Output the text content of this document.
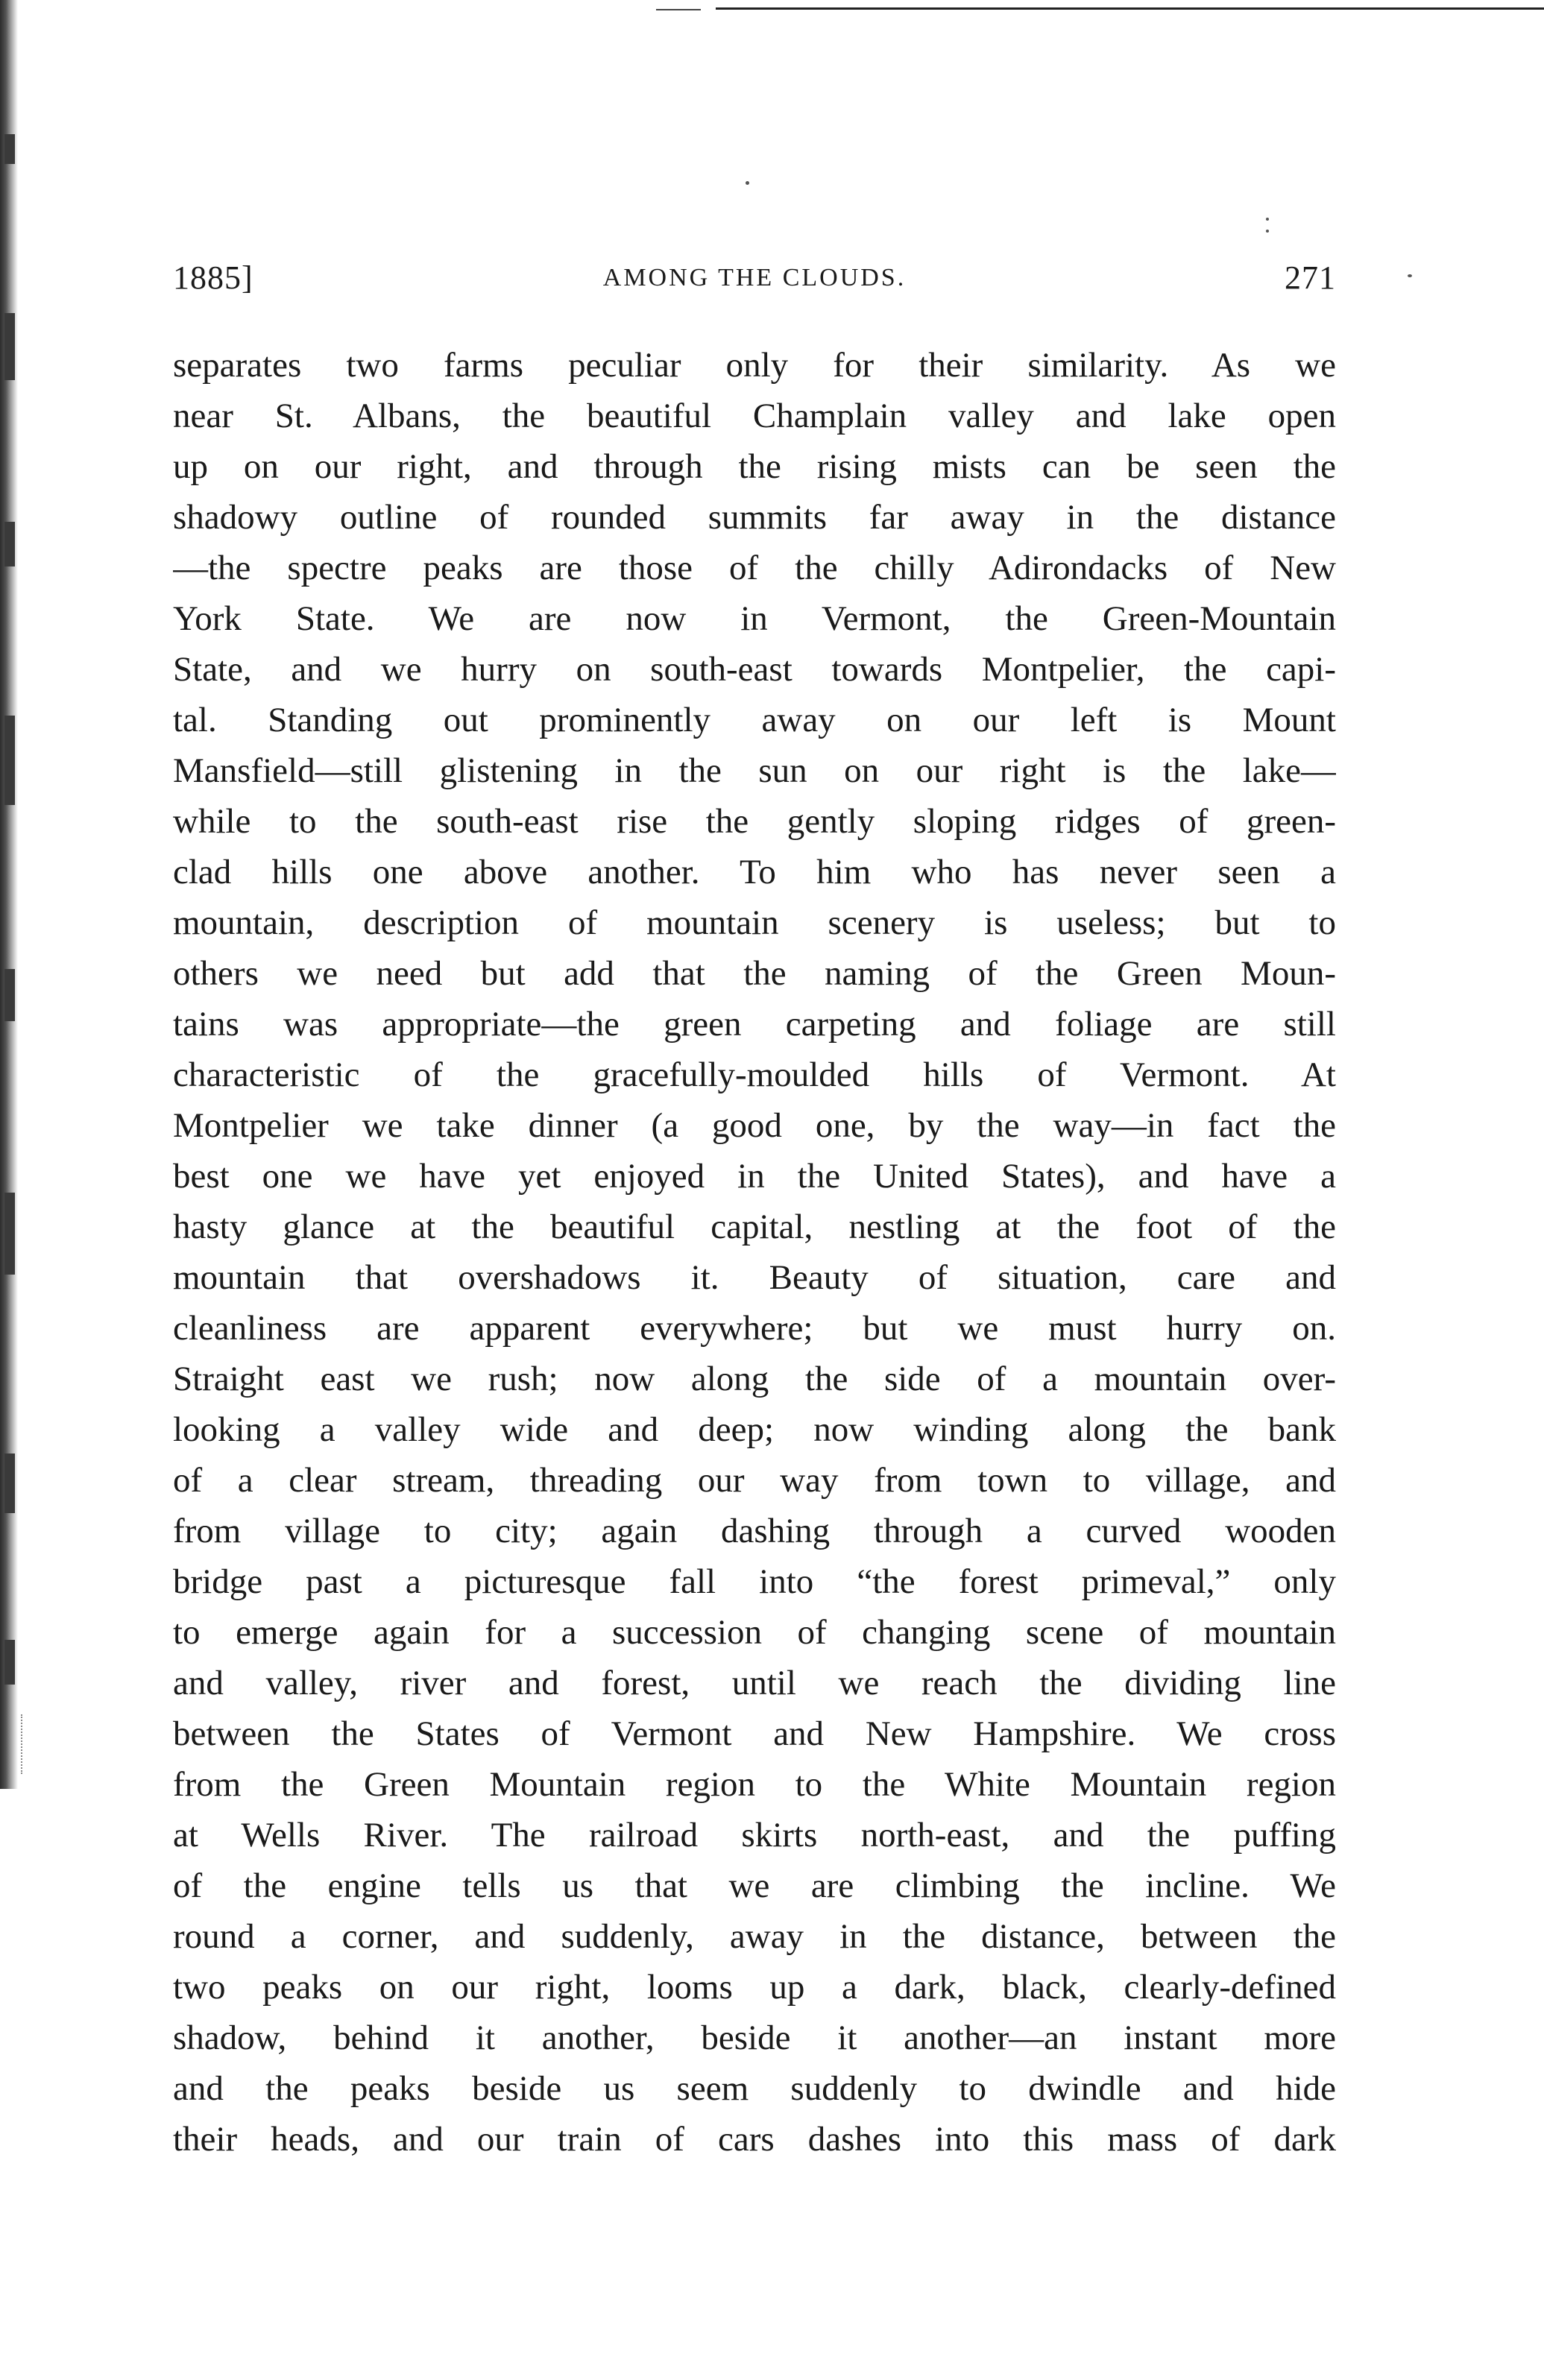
1885]	AMONG THE CLOUDS.	271
separates two farms peculiar only for their similarity. As we
near St. Albans, the beautiful Champlain valley and lake open
up on our right, and through the rising mists can be seen the
shadowy outline of rounded summits far away in the distance
—the spectre peaks are those of the chilly Adirondacks of New
York State. We are now in Vermont, the Green-Mountain
State, and we hurry on south-east towards Montpelier, the capi-
tal. Standing out prominently away on our left is Mount
Mansfield—still glistening in the sun on our right is the lake—
while to the south-east rise the gently sloping ridges of green-
clad hills one above another. To him who has never seen a
mountain, description of mountain scenery is useless; but to
others we need but add that the naming of the Green Moun-
tains was appropriate—the green carpeting and foliage are still
characteristic of the gracefully-moulded hills of Vermont. At
Montpelier we take dinner (a good one, by the way—in fact the
best one we have yet enjoyed in the United States), and have a
hasty glance at the beautiful capital, nestling at the foot of the
mountain that overshadows it. Beauty of situation, care and
cleanliness are apparent everywhere; but we must hurry on.
Straight east we rush; now along the side of a mountain over-
looking a valley wide and deep; now winding along the bank
of a clear stream, threading our way from town to village, and
from village to city; again dashing through a curved wooden
bridge past a picturesque fall into “the forest primeval,” only
to emerge again for a succession of changing scene of mountain
and valley, river and forest, until we reach the dividing line
between the States of Vermont and New Hampshire. We cross
from the Green Mountain region to the White Mountain region
at Wells River. The railroad skirts north-east, and the puffing
of the engine tells us that we are climbing the incline. We
round a corner, and suddenly, away in the distance, between the
two peaks on our right, looms up a dark, black, clearly-defined
shadow, behind it another, beside it another—an instant more
and the peaks beside us seem suddenly to dwindle and hide
their heads, and our train of cars dashes into this mass of dark
